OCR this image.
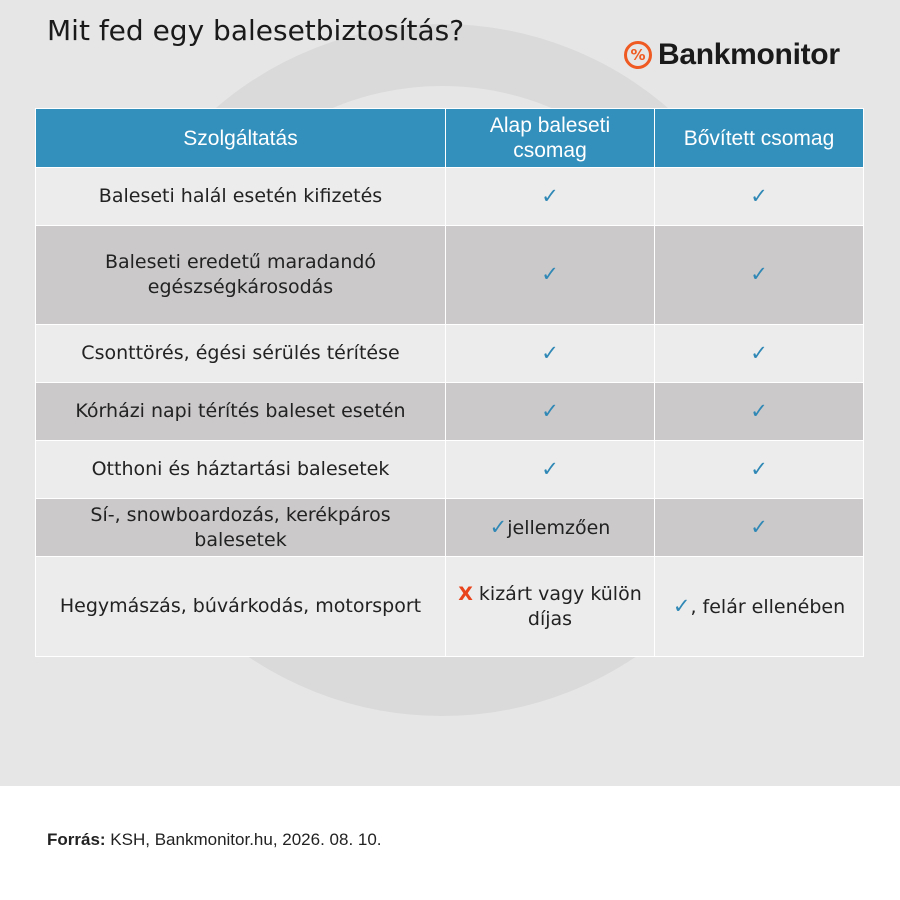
Mit fed egy balesetbiztosítás?
% Bankmonitor
Szolgáltatás	Alap baleseti csomag	Bővített csomag
Baleseti halál esetén kifizetés	✓	✓
Baleseti eredetű maradandó egészségkárosodás	✓	✓
Csonttörés, égési sérülés térítése	✓	✓
Kórházi napi térítés baleset esetén	✓	✓
Otthoni és háztartási balesetek	✓	✓
Sí-, snowboardozás, kerékpáros balesetek	✓jellemzően	✓
Hegymászás, búvárkodás, motorsport	X kizárt vagy külön díjas	✓, felár ellenében
Forrás: KSH, Bankmonitor.hu, 2026. 08. 10.
